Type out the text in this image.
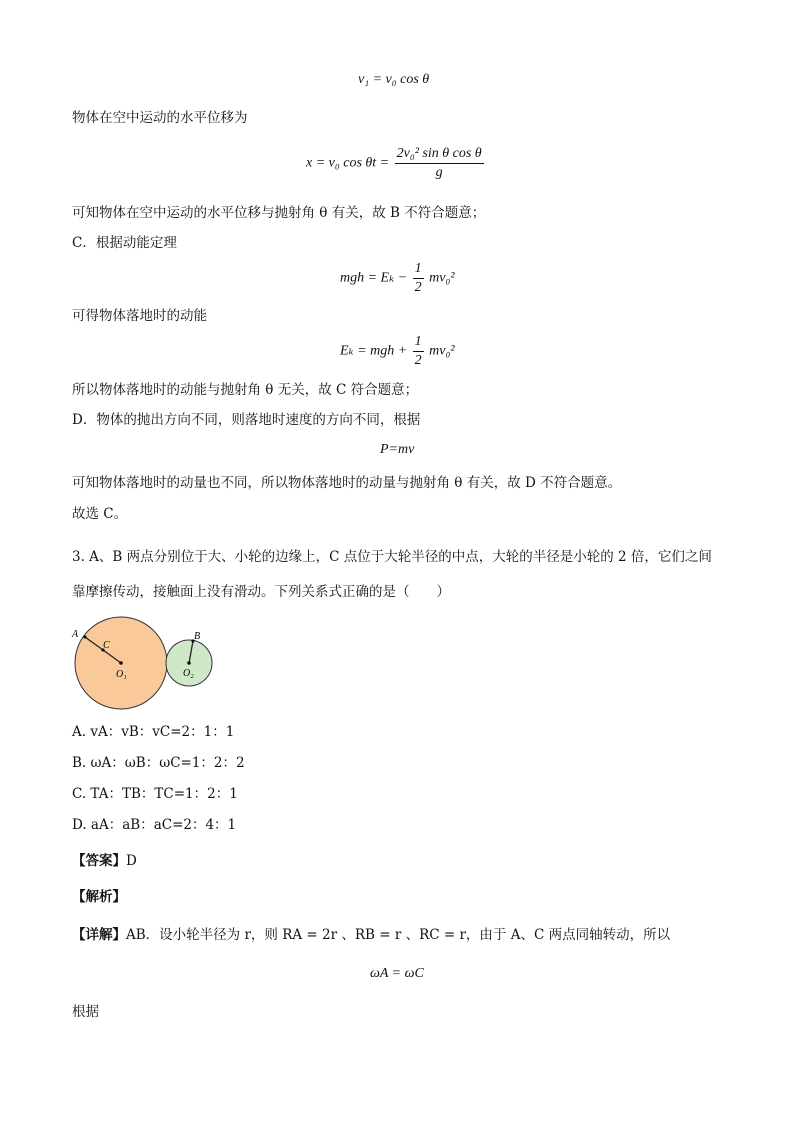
v₁ = v₀ cos θ
物体在空中运动的水平位移为
x = v₀ $\cos \theta t = \frac{\text{2v₀² sin θ cos θ}}{g}$
可知物体在空中运动的水平位移与抛射角 θ 有关，故 B 不符合题意；
C．根据动能定理
mgh = $E_k - \frac{1}{2} mv_0^2$
可得物体落地时的动能
Eₖ = mgh + $\frac{1}{2} mv_0^2$
所以物体落地时的动能与抛射角 θ 无关，故 C 符合题意；
D．物体的抛出方向不同，则落地时速度的方向不同，根据
P=mv
可知物体落地时的动量也不同，所以物体落地时的动量与抛射角 θ 有关，故 D 不符合题意。
故选 C。
3. A、B 两点分别位于大、小轮的边缘上，C 点位于大轮半径的中点，大轮的半径是小轮的 2 倍，它们之间
靠摩擦传动，接触面上没有滑动。下列关系式正确的是（　　）
A
C
O₁
B
O₂
A. vA：vB：vC=2：1：1
B. ωA：ωB：ωC=1：2：2
C. TA：TB：TC=1：2：1
D. aA：aB：aC=2：4：1
【答案】D
【解析】
【详解】AB．设小轮半径为 r，则 RA = 2r 、RB = r 、RC = r，由于 A、C 两点同轴转动，所以
ωA = ωC
根据
